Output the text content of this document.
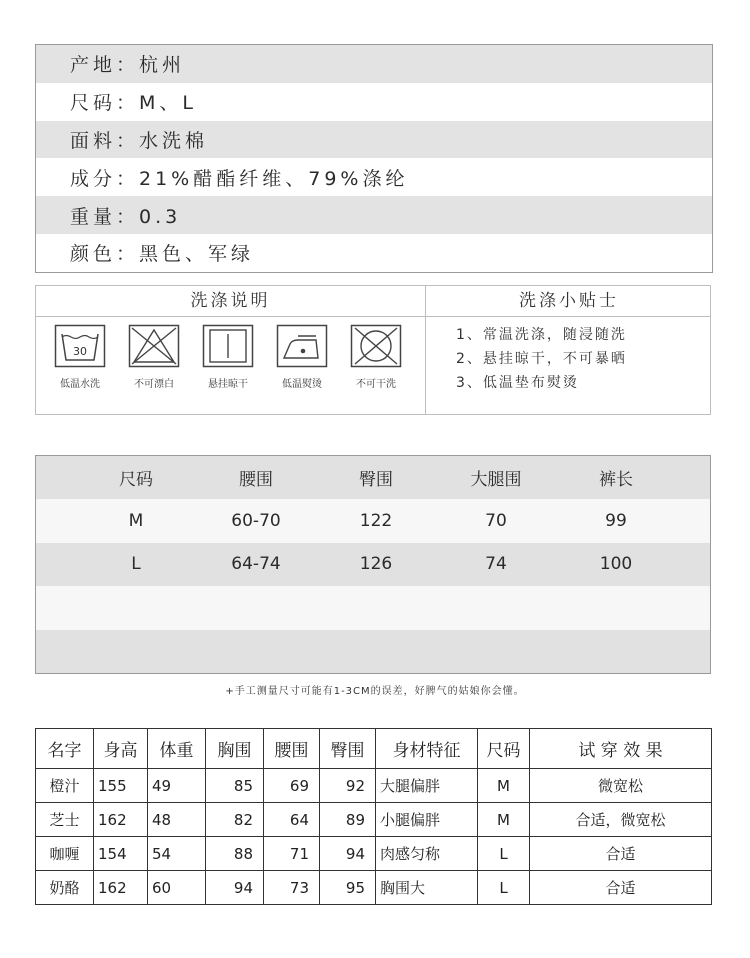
产地：杭州
尺码：M、L
面料：水洗棉
成分：21%醋酯纤维、79%涤纶
重量：0.3
颜色：黑色、军绿
洗涤说明	洗涤小贴士
30
低温水洗	不可漂白	悬挂晾干	低温熨烫	不可干洗
1、常温洗涤，随浸随洗
2、悬挂晾干，不可暴晒
3、低温垫布熨烫
尺码	腰围	臀围	大腿围	裤长
M	60-70	122	70	99
L	64-74	126	74	100
+手工测量尺寸可能有1-3CM的误差，好脾气的姑娘你会懂。
名字	身高	体重	胸围	腰围	臀围	身材特征	尺码	试 穿 效 果
橙汁	155	49	85	69	92	大腿偏胖	M	微宽松
芝士	162	48	82	64	89	小腿偏胖	M	合适，微宽松
咖喱	154	54	88	71	94	肉感匀称	L	合适
奶酪	162	60	94	73	95	胸围大	L	合适
